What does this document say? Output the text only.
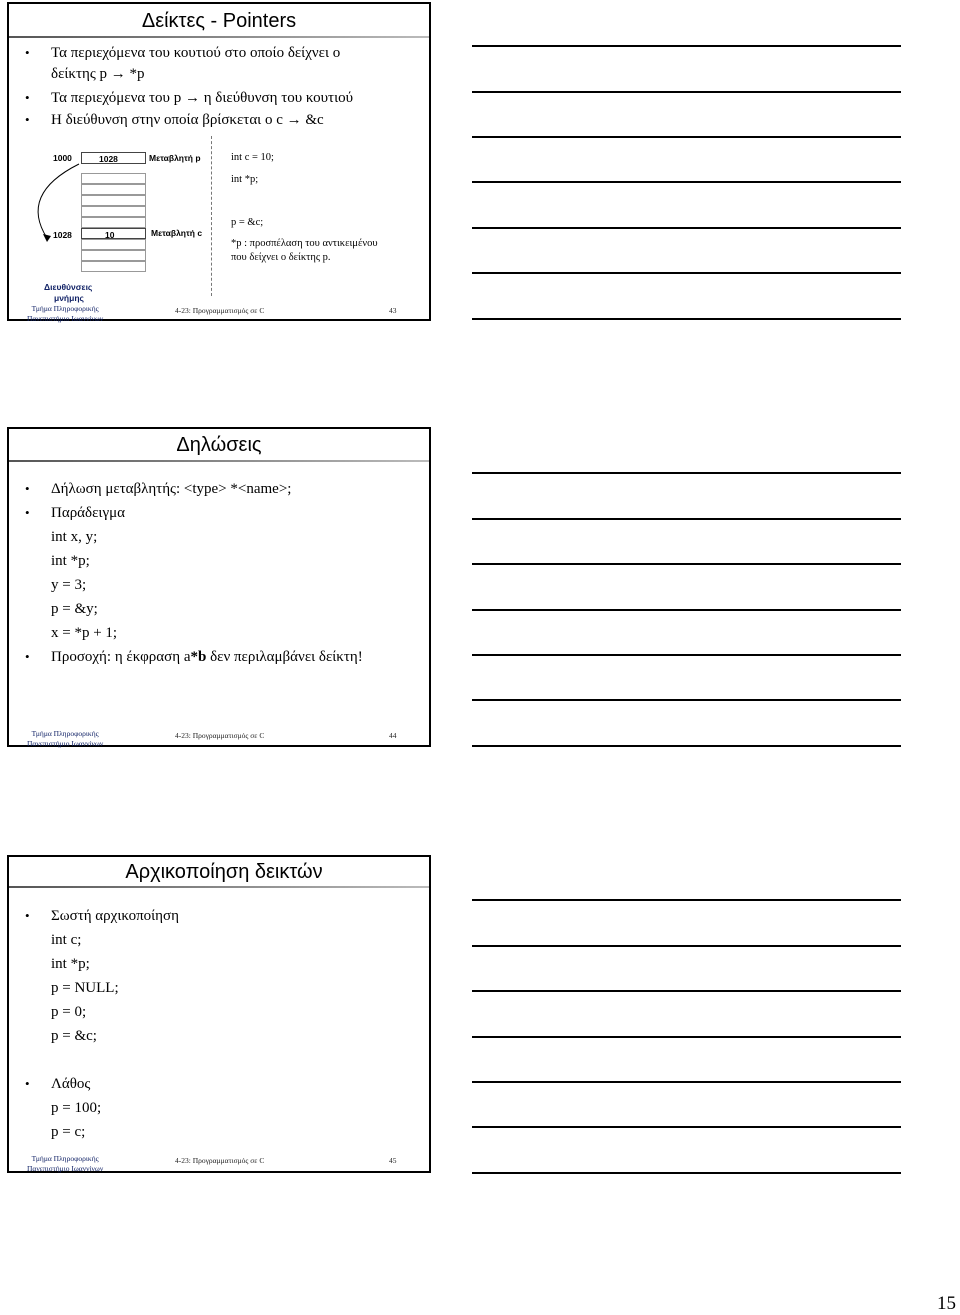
Δείκτες - Pointers
• Τα περιεχόμενα του κουτιού στο οποίο δείχνει ο
δείκτης p → *p
• Τα περιεχόμενα του p → η διεύθυνση του κουτιού
• Η διεύθυνση στην οποία βρίσκεται ο c → &c
1000	1028	Μεταβλητή p	int c = 10;
int *p;
1028	10	Μεταβλητή c
p = &c;
*p : προσπέλαση του αντικειμένου
που δείχνει ο δείκτης p.
Διευθύνσεις
μνήμης
Τμήμα Πληροφορικής
Πανεπιστήμιο Ιωαννίνων
4-23: Προγραμματισμός σε C	43
Δηλώσεις
• Δήλωση μεταβλητής: <type> *<name>;
• Παράδειγμα
int x, y;
int *p;
y = 3;
p = &y;
x = *p + 1;
• Προσοχή: η έκφραση a*b δεν περιλαμβάνει δείκτη!
Τμήμα Πληροφορικής
Πανεπιστήμιο Ιωαννίνων
4-23: Προγραμματισμός σε C	44
Αρχικοποίηση δεικτών
• Σωστή αρχικοποίηση
int c;
int *p;
p = NULL;
p = 0;
p = &c;
• Λάθος
p = 100;
p = c;
Τμήμα Πληροφορικής
Πανεπιστήμιο Ιωαννίνων
4-23: Προγραμματισμός σε C	45
15
